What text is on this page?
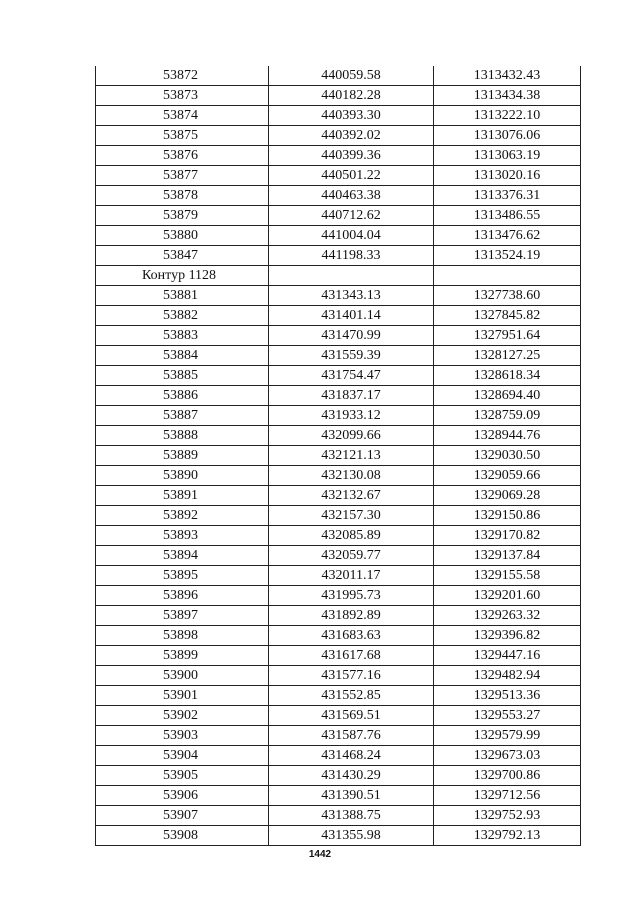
53872	440059.58	1313432.43
53873	440182.28	1313434.38
53874	440393.30	1313222.10
53875	440392.02	1313076.06
53876	440399.36	1313063.19
53877	440501.22	1313020.16
53878	440463.38	1313376.31
53879	440712.62	1313486.55
53880	441004.04	1313476.62
53847	441198.33	1313524.19
Контур 1128		
53881	431343.13	1327738.60
53882	431401.14	1327845.82
53883	431470.99	1327951.64
53884	431559.39	1328127.25
53885	431754.47	1328618.34
53886	431837.17	1328694.40
53887	431933.12	1328759.09
53888	432099.66	1328944.76
53889	432121.13	1329030.50
53890	432130.08	1329059.66
53891	432132.67	1329069.28
53892	432157.30	1329150.86
53893	432085.89	1329170.82
53894	432059.77	1329137.84
53895	432011.17	1329155.58
53896	431995.73	1329201.60
53897	431892.89	1329263.32
53898	431683.63	1329396.82
53899	431617.68	1329447.16
53900	431577.16	1329482.94
53901	431552.85	1329513.36
53902	431569.51	1329553.27
53903	431587.76	1329579.99
53904	431468.24	1329673.03
53905	431430.29	1329700.86
53906	431390.51	1329712.56
53907	431388.75	1329752.93
53908	431355.98	1329792.13
1442
